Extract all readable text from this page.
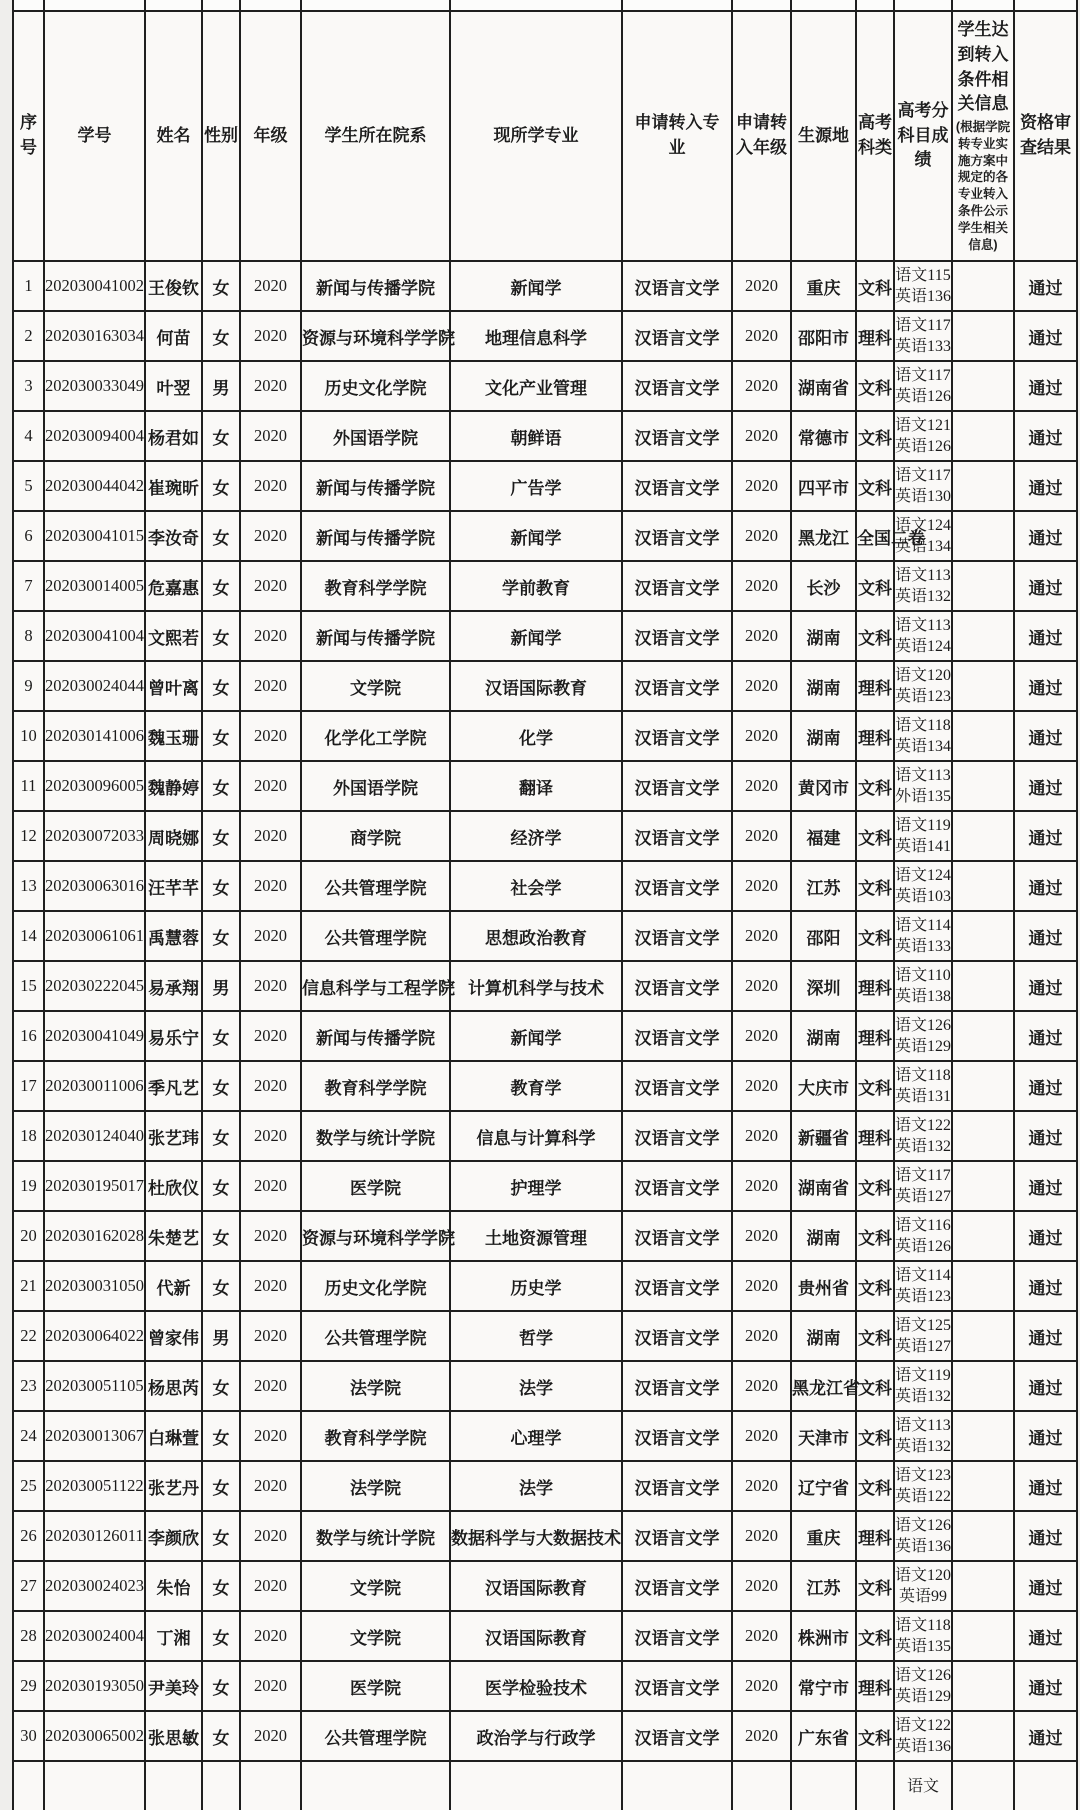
序号	学号	姓名	性别	年级	学生所在院系	现所学专业	申请转入专业	申请转入年级	生源地	高考科类	高考分科目成绩	学生达到转入条件相关信息
(根据学院转专业实施方案中规定的各专业转入条件公示学生相关信息)	资格审查结果
1	202030041002	王俊钦	女	2020	新闻与传播学院	新闻学	汉语言文学	2020	重庆	文科	语文115
英语136		通过
2	202030163034	何苗	女	2020	资源与环境科学学院	地理信息科学	汉语言文学	2020	邵阳市	理科	语文117
英语133		通过
3	202030033049	叶翌	男	2020	历史文化学院	文化产业管理	汉语言文学	2020	湖南省	文科	语文117
英语126		通过
4	202030094004	杨君如	女	2020	外国语学院	朝鲜语	汉语言文学	2020	常德市	文科	语文121
英语126		通过
5	202030044042	崔琬昕	女	2020	新闻与传播学院	广告学	汉语言文学	2020	四平市	文科	语文117
英语130		通过
6	202030041015	李汝奇	女	2020	新闻与传播学院	新闻学	汉语言文学	2020	黑龙江	全国二卷	语文124
英语134		通过
7	202030014005	危嘉惠	女	2020	教育科学学院	学前教育	汉语言文学	2020	长沙	文科	语文113
英语132		通过
8	202030041004	文熙若	女	2020	新闻与传播学院	新闻学	汉语言文学	2020	湖南	文科	语文113
英语124		通过
9	202030024044	曾叶离	女	2020	文学院	汉语国际教育	汉语言文学	2020	湖南	理科	语文120
英语123		通过
10	202030141006	魏玉珊	女	2020	化学化工学院	化学	汉语言文学	2020	湖南	理科	语文118
英语134		通过
11	202030096005	魏静婷	女	2020	外国语学院	翻译	汉语言文学	2020	黄冈市	文科	语文113
外语135		通过
12	202030072033	周晓娜	女	2020	商学院	经济学	汉语言文学	2020	福建	文科	语文119
英语141		通过
13	202030063016	汪芊芊	女	2020	公共管理学院	社会学	汉语言文学	2020	江苏	文科	语文124
英语103		通过
14	202030061061	禹慧蓉	女	2020	公共管理学院	思想政治教育	汉语言文学	2020	邵阳	文科	语文114
英语133		通过
15	202030222045	易承翔	男	2020	信息科学与工程学院	计算机科学与技术	汉语言文学	2020	深圳	理科	语文110
英语138		通过
16	202030041049	易乐宁	女	2020	新闻与传播学院	新闻学	汉语言文学	2020	湖南	理科	语文126
英语129		通过
17	202030011006	季凡艺	女	2020	教育科学学院	教育学	汉语言文学	2020	大庆市	文科	语文118
英语131		通过
18	202030124040	张艺玮	女	2020	数学与统计学院	信息与计算科学	汉语言文学	2020	新疆省	理科	语文122
英语132		通过
19	202030195017	杜欣仪	女	2020	医学院	护理学	汉语言文学	2020	湖南省	文科	语文117
英语127		通过
20	202030162028	朱楚艺	女	2020	资源与环境科学学院	土地资源管理	汉语言文学	2020	湖南	文科	语文116
英语126		通过
21	202030031050	代新	女	2020	历史文化学院	历史学	汉语言文学	2020	贵州省	文科	语文114
英语123		通过
22	202030064022	曾家伟	男	2020	公共管理学院	哲学	汉语言文学	2020	湖南	文科	语文125
英语127		通过
23	202030051105	杨思芮	女	2020	法学院	法学	汉语言文学	2020	黑龙江省	文科	语文119
英语132		通过
24	202030013067	白琳萱	女	2020	教育科学学院	心理学	汉语言文学	2020	天津市	文科	语文113
英语132		通过
25	202030051122	张艺丹	女	2020	法学院	法学	汉语言文学	2020	辽宁省	文科	语文123
英语122		通过
26	202030126011	李颜欣	女	2020	数学与统计学院	数据科学与大数据技术	汉语言文学	2020	重庆	理科	语文126
英语136		通过
27	202030024023	朱怡	女	2020	文学院	汉语国际教育	汉语言文学	2020	江苏	文科	语文120
英语99		通过
28	202030024004	丁湘	女	2020	文学院	汉语国际教育	汉语言文学	2020	株洲市	文科	语文118
英语135		通过
29	202030193050	尹美玲	女	2020	医学院	医学检验技术	汉语言文学	2020	常宁市	理科	语文126
英语129		通过
30	202030065002	张思敏	女	2020	公共管理学院	政治学与行政学	汉语言文学	2020	广东省	文科	语文122
英语136		通过

											语文		
